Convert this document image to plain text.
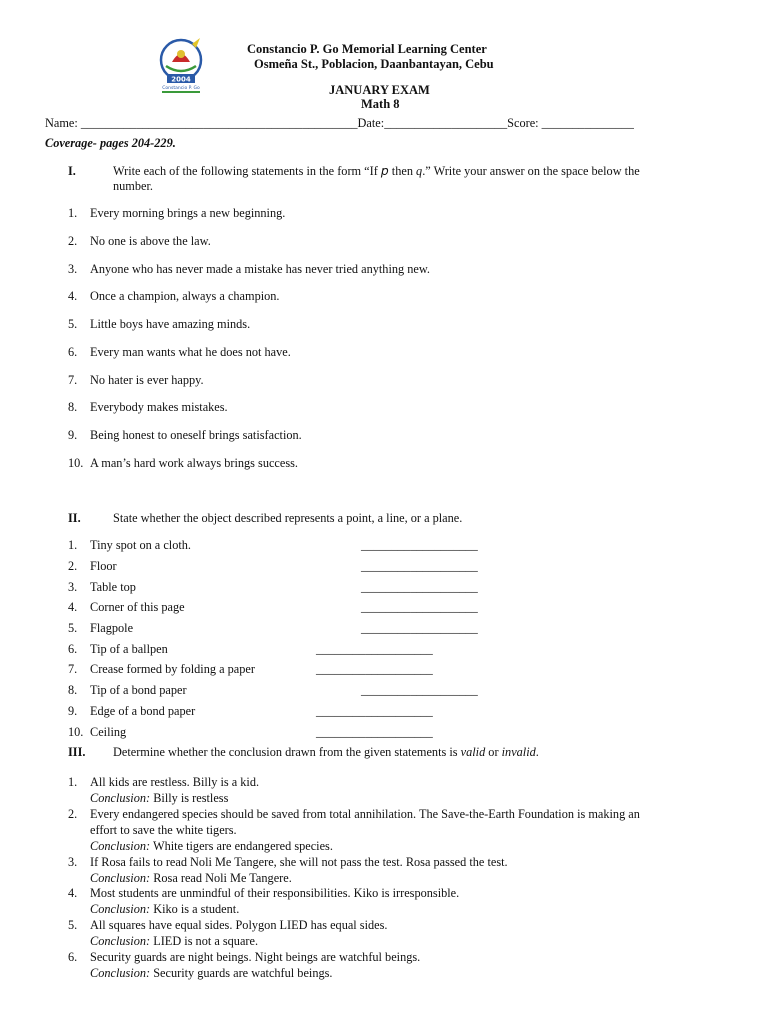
2004
Constancio P. Go
Constancio P. Go Memorial Learning Center
Osmeña St., Poblacion, Daanbantayan, Cebu
JANUARY EXAM
Math 8
Name: _____________________________________________Date:____________________Score: _______________
Coverage- pages 204-229.
I.	Write each of the following statements in the form “If p then q.” Write your answer on the space below the
number.
1. Every morning brings a new beginning.
2. No one is above the law.
3. Anyone who has never made a mistake has never tried anything new.
4. Once a champion, always a champion.
5. Little boys have amazing minds.
6. Every man wants what he does not have.
7. No hater is ever happy.
8. Everybody makes mistakes.
9. Being honest to oneself brings satisfaction.
10. A man’s hard work always brings success.
II.	State whether the object described represents a point, a line, or a plane.
1. Tiny spot on a cloth.	___________________
2. Floor	___________________
3. Table top	___________________
4. Corner of this page	___________________
5. Flagpole	___________________
6. Tip of a ballpen	___________________
7. Crease formed by folding a paper	___________________
8. Tip of a bond paper	___________________
9. Edge of a bond paper	___________________
10. Ceiling	___________________
III. Determine whether the conclusion drawn from the given statements is valid or invalid.
1. All kids are restless. Billy is a kid.
Conclusion: Billy is restless
2. Every endangered species should be saved from total annihilation. The Save-the-Earth Foundation is making an
effort to save the white tigers.
Conclusion: White tigers are endangered species.
3. If Rosa fails to read Noli Me Tangere, she will not pass the test. Rosa passed the test.
Conclusion: Rosa read Noli Me Tangere.
4. Most students are unmindful of their responsibilities. Kiko is irresponsible.
Conclusion: Kiko is a student.
5. All squares have equal sides. Polygon LIED has equal sides.
Conclusion: LIED is not a square.
6. Security guards are night beings. Night beings are watchful beings.
Conclusion: Security guards are watchful beings.
